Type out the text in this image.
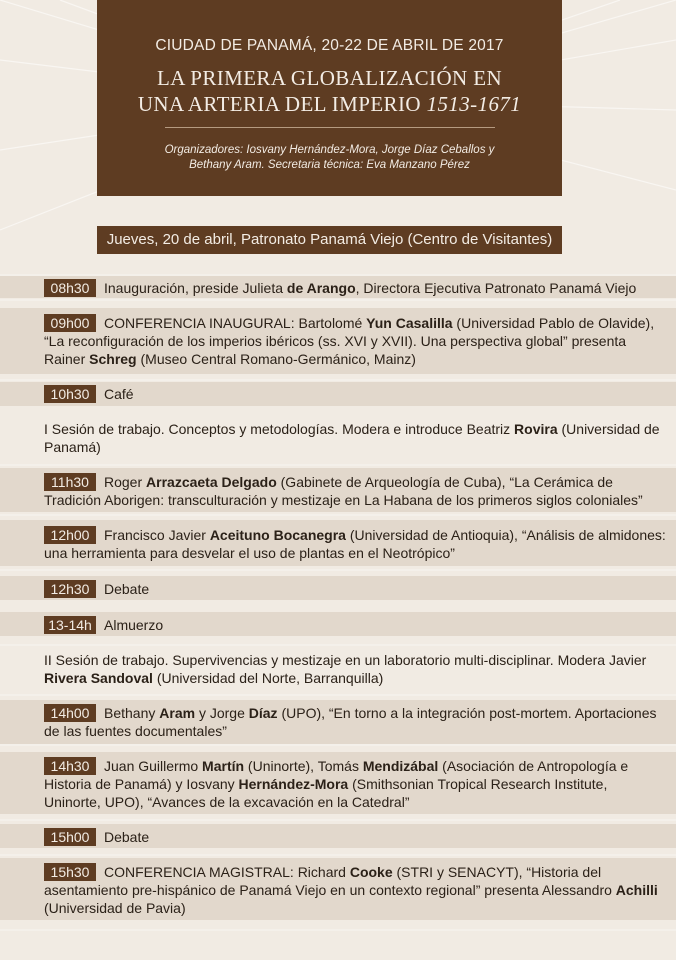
CIUDAD DE PANAMÁ, 20-22 DE ABRIL DE 2017
LA PRIMERA GLOBALIZACIÓN EN
UNA ARTERIA DEL IMPERIO 1513-1671
Organizadores: Iosvany Hernández-Mora, Jorge Díaz Ceballos y
Bethany Aram. Secretaria técnica: Eva Manzano Pérez
Jueves, 20 de abril, Patronato Panamá Viejo (Centro de Visitantes)
08h30 Inauguración, preside Julieta de Arango, Directora Ejecutiva Patronato Panamá Viejo
09h00 CONFERENCIA INAUGURAL: Bartolomé Yun Casalilla (Universidad Pablo de Olavide), “La reconfiguración de los imperios ibéricos (ss. XVI y XVII). Una perspectiva global” presenta Rainer Schreg (Museo Central Romano-Germánico, Mainz)
10h30 Café
I Sesión de trabajo. Conceptos y metodologías. Modera e introduce Beatriz Rovira (Universidad de Panamá)
11h30 Roger Arrazcaeta Delgado (Gabinete de Arqueología de Cuba), “La Cerámica de Tradición Aborigen: transculturación y mestizaje en La Habana de los primeros siglos coloniales”
12h00 Francisco Javier Aceituno Bocanegra (Universidad de Antioquia), “Análisis de almidones: una herramienta para desvelar el uso de plantas en el Neotrópico”
12h30 Debate
13-14h Almuerzo
II Sesión de trabajo. Supervivencias y mestizaje en un laboratorio multi-disciplinar. Modera Javier Rivera Sandoval (Universidad del Norte, Barranquilla)
14h00 Bethany Aram y Jorge Díaz (UPO), “En torno a la integración post-mortem. Aportaciones de las fuentes documentales”
14h30 Juan Guillermo Martín (Uninorte), Tomás Mendizábal (Asociación de Antropología e Historia de Panamá) y Iosvany Hernández-Mora (Smithsonian Tropical Research Institute, Uninorte, UPO), “Avances de la excavación en la Catedral”
15h00 Debate
15h30 CONFERENCIA MAGISTRAL: Richard Cooke (STRI y SENACYT), “Historia del asentamiento pre-hispánico de Panamá Viejo en un contexto regional” presenta Alessandro Achilli (Universidad de Pavia)
